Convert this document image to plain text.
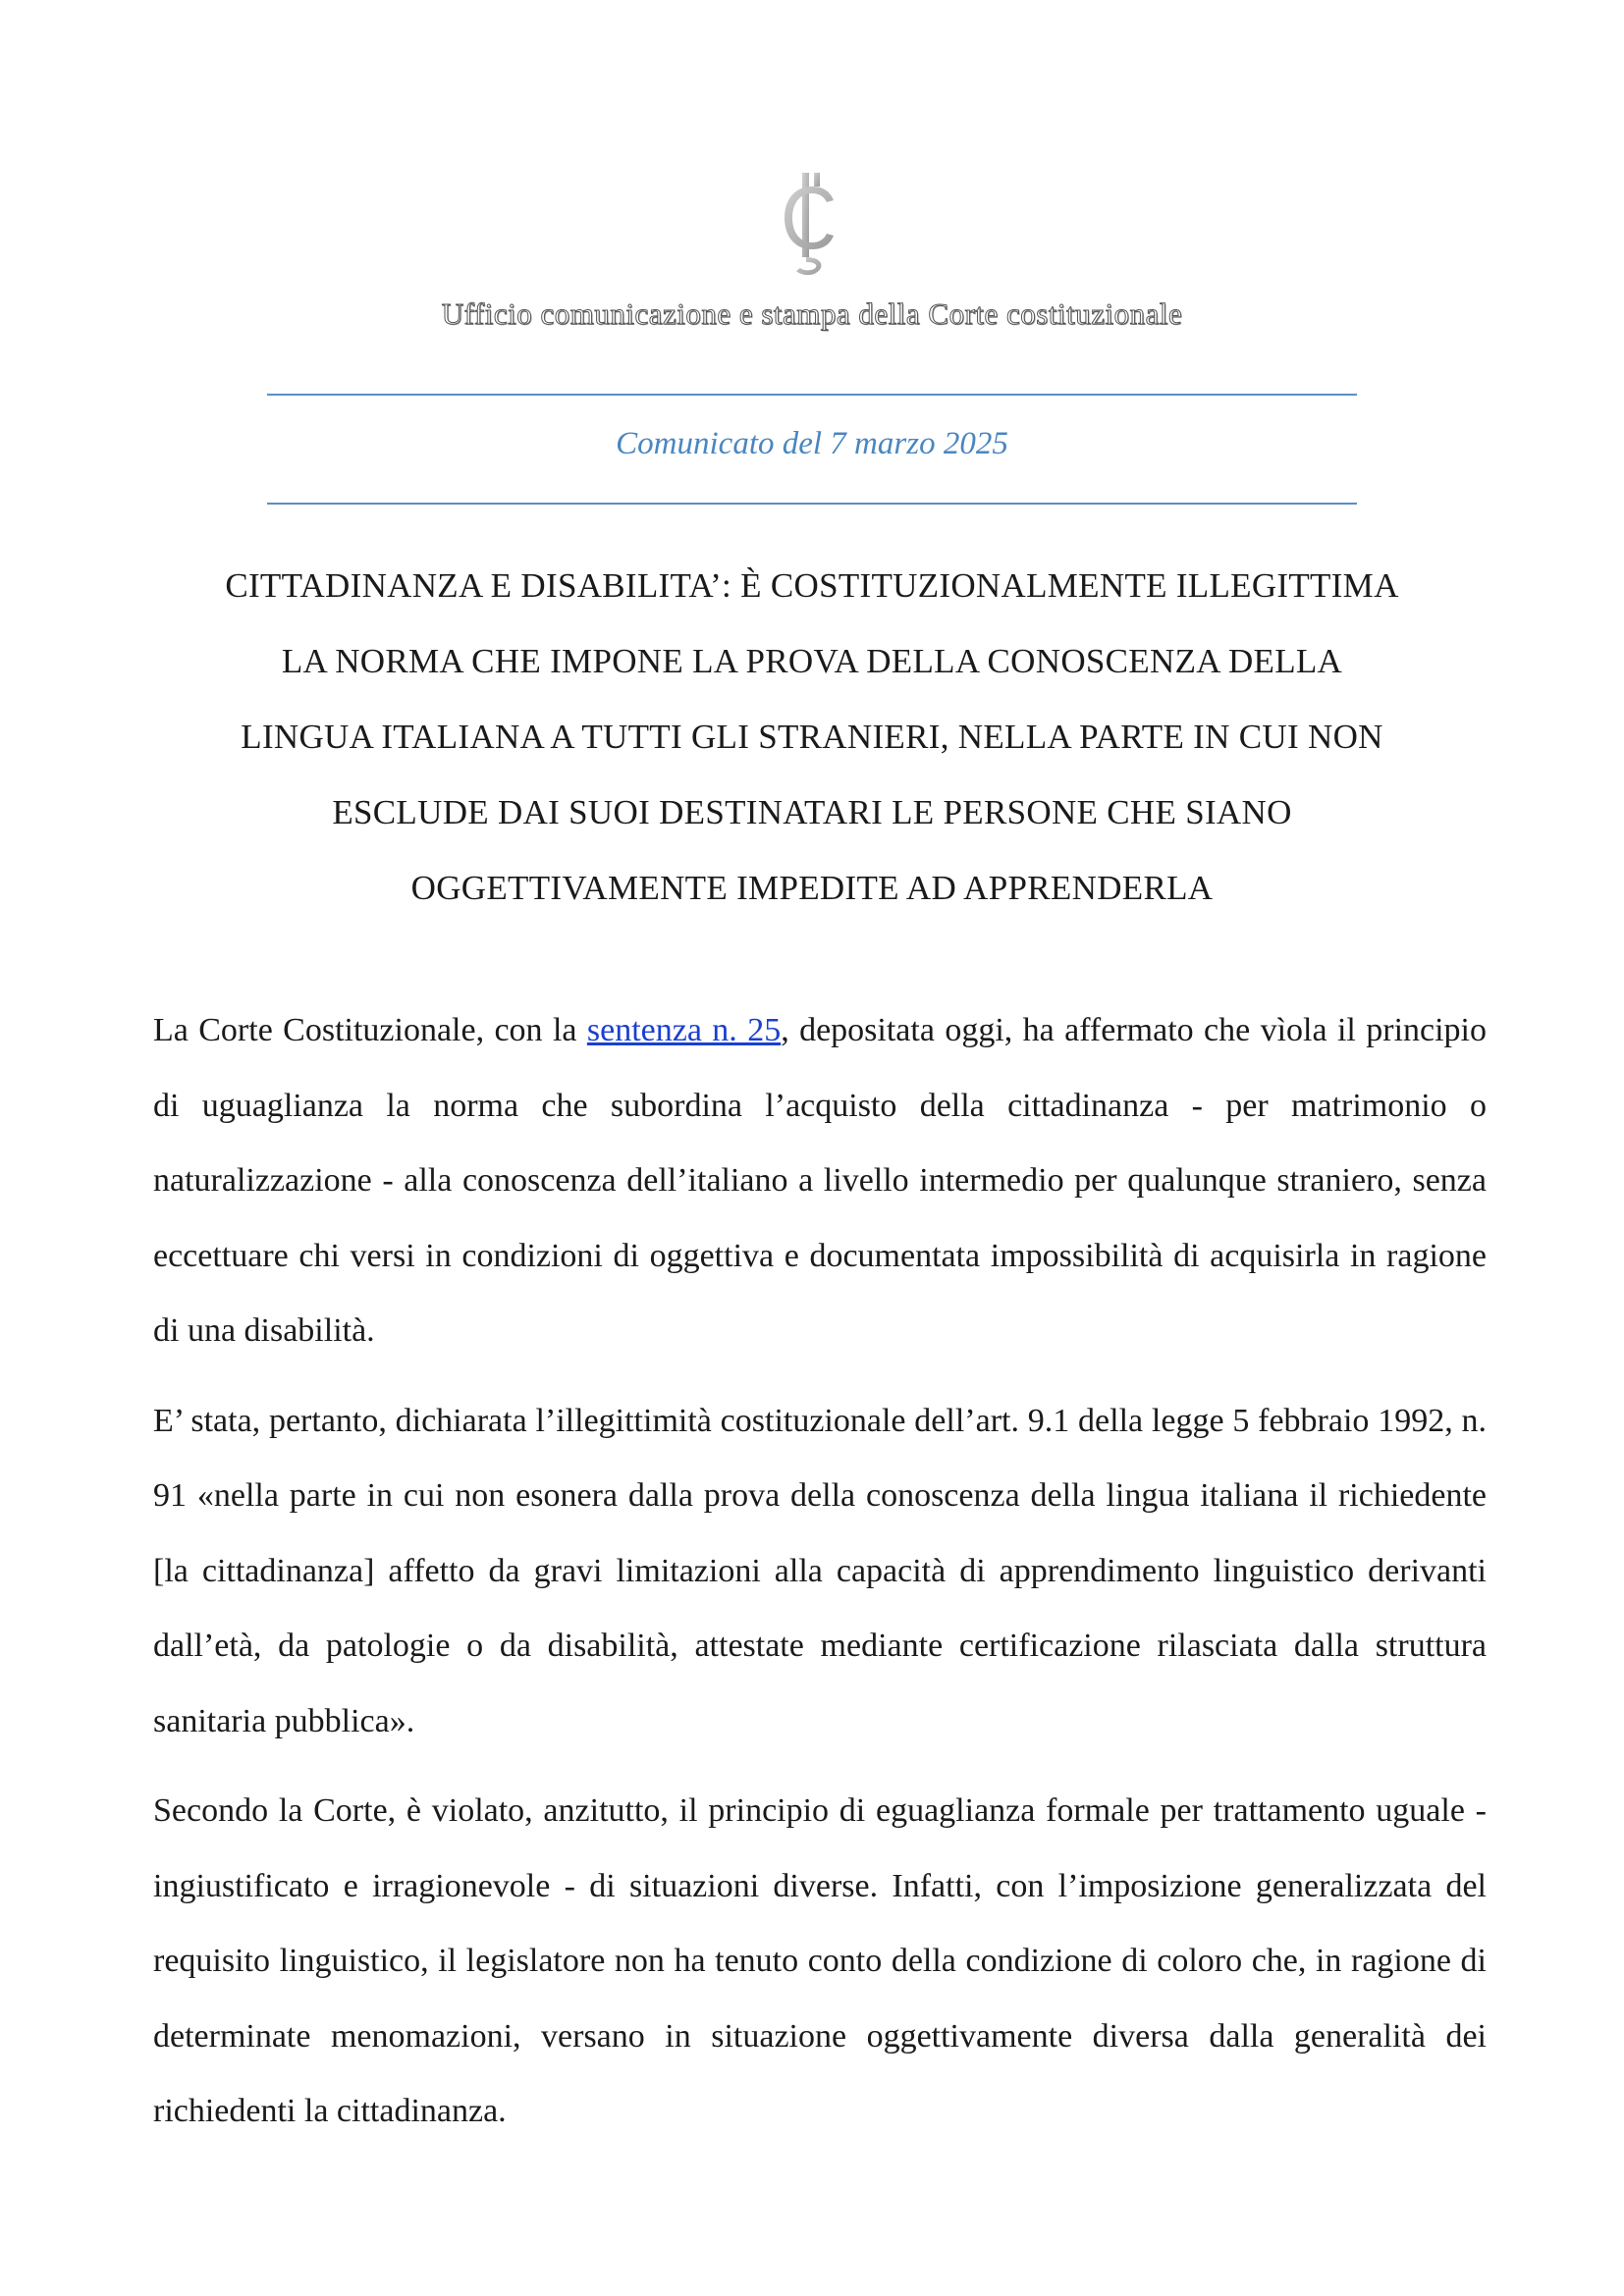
Ufficio comunicazione e stampa della Corte costituzionale
Comunicato del 7 marzo 2025
CITTADINANZA E DISABILITA’: È COSTITUZIONALMENTE ILLEGITTIMA
LA NORMA CHE IMPONE LA PROVA DELLA CONOSCENZA DELLA
LINGUA ITALIANA A TUTTI GLI STRANIERI, NELLA PARTE IN CUI NON
ESCLUDE DAI SUOI DESTINATARI LE PERSONE CHE SIANO
OGGETTIVAMENTE IMPEDITE AD APPRENDERLA

La Corte Costituzionale, con la sentenza n. 25, depositata oggi, ha affermato che vìola il principio di uguaglianza la norma che subordina l’acquisto della cittadinanza - per matrimonio o naturalizzazione - alla conoscenza dell’italiano a livello intermedio per qualunque straniero, senza eccettuare chi versi in condizioni di oggettiva e documentata impossibilità di acquisirla in ragione di una disabilità.

E’ stata, pertanto, dichiarata l’illegittimità costituzionale dell’art. 9.1 della legge 5 febbraio 1992, n. 91 «nella parte in cui non esonera dalla prova della conoscenza della lingua italiana il richiedente [la cittadinanza] affetto da gravi limitazioni alla capacità di apprendimento linguistico derivanti dall’età, da patologie o da disabilità, attestate mediante certificazione rilasciata dalla struttura sanitaria pubblica».

Secondo la Corte, è violato, anzitutto, il principio di eguaglianza formale per trattamento uguale - ingiustificato e irragionevole - di situazioni diverse. Infatti, con l’imposizione generalizzata del requisito linguistico, il legislatore non ha tenuto conto della condizione di coloro che, in ragione di determinate menomazioni, versano in situazione oggettivamente diversa dalla generalità dei richiedenti la cittadinanza.
